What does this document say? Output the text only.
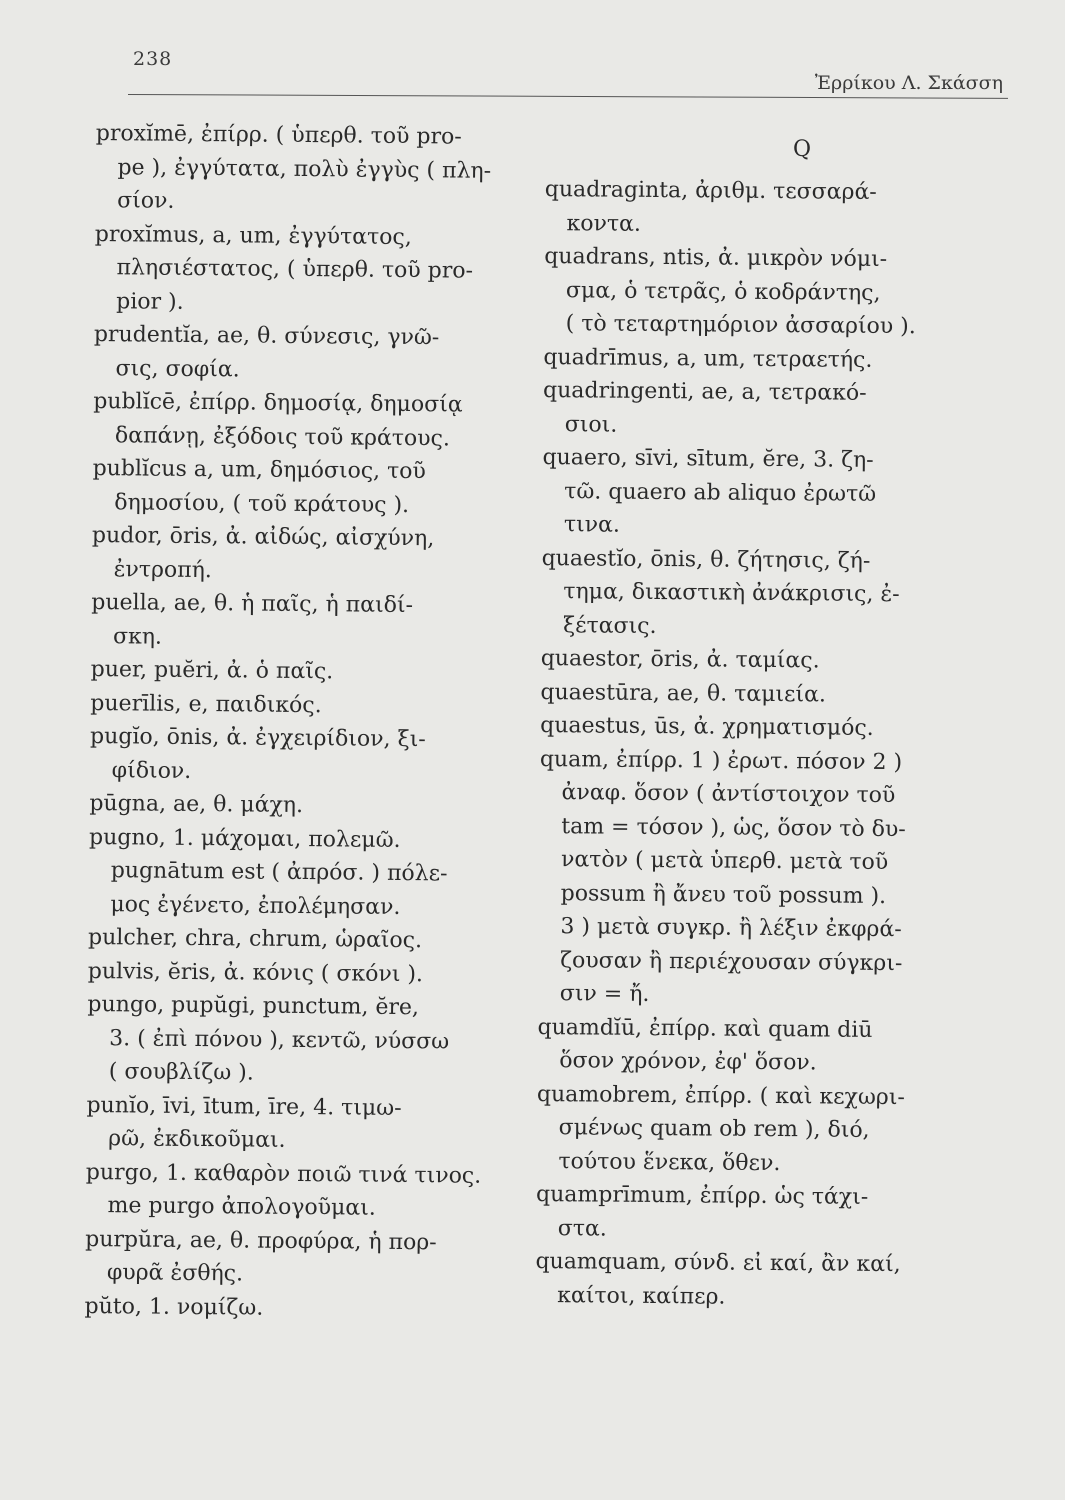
238
Ἐρρίκου Λ. Σκάσση
proxĭmē, ἐπίρρ. ( ὑπερθ. τοῦ pro-
pe ), ἐγγύτατα, πολὺ ἐγγὺς ( πλη-
σίον.
proxĭmus, a, um, ἐγγύτατος,
πλησιέστατος, ( ὑπερθ. τοῦ pro-
pior ).
prudentĭa, ae, θ. σύνεσις, γνῶ-
σις, σοφία.
publĭcē, ἐπίρρ. δημοσίᾳ, δημοσίᾳ
δαπάνῃ, ἐξόδοις τοῦ κράτους.
publĭcus a, um, δημόσιος, τοῦ
δημοσίου, ( τοῦ κράτους ).
pudor, ōris, ἀ. αἰδώς, αἰσχύνη,
ἐντροπή.
puella, ae, θ. ἡ παῖς, ἡ παιδί-
σκη.
puer, puĕri, ἀ. ὁ παῖς.
puerīlis, e, παιδικός.
pugĭo, ōnis, ἀ. ἐγχειρίδιον, ξι-
φίδιον.
pūgna, ae, θ. μάχη.
pugno, 1. μάχομαι, πολεμῶ.
pugnātum est ( ἀπρόσ. ) πόλε-
μος ἐγένετο, ἐπολέμησαν.
pulcher, chra, chrum, ὡραῖος.
pulvis, ĕris, ἀ. κόνις ( σκόνι ).
pungo, pupŭgi, punctum, ĕre,
3. ( ἐπὶ πόνου ), κεντῶ, νύσσω
( σουβλίζω ).
punĭo, īvi, ītum, īre, 4. τιμω-
ρῶ, ἐκδικοῦμαι.
purgo, 1. καθαρὸν ποιῶ τινά τινος.
me purgo ἀπολογοῦμαι.
purpŭra, ae, θ. προφύρα, ἡ πορ-
φυρᾶ ἐσθής.
pŭto, 1. νομίζω.
Q
quadraginta, ἀριθμ. τεσσαρά-
κοντα.
quadrans, ntis, ἀ. μικρὸν νόμι-
σμα, ὁ τετρᾶς, ὁ κοδράντης,
( τὸ τεταρτημόριον ἀσσαρίου ).
quadrīmus, a, um, τετραετής.
quadringenti, ae, a, τετρακό-
σιοι.
quaero, sīvi, sītum, ĕre, 3. ζη-
τῶ. quaero ab aliquo ἐρωτῶ
τινα.
quaestĭo, ōnis, θ. ζήτησις, ζή-
τημα, δικαστικὴ ἀνάκρισις, ἐ-
ξέτασις.
quaestor, ōris, ἀ. ταμίας.
quaestūra, ae, θ. ταμιεία.
quaestus, ūs, ἀ. χρηματισμός.
quam, ἐπίρρ. 1 ) ἐρωτ. πόσον 2 )
ἀναφ. ὅσον ( ἀντίστοιχον τοῦ
tam = τόσον ), ὡς, ὅσον τὸ δυ-
νατὸν ( μετὰ ὑπερθ. μετὰ τοῦ
possum ἢ ἄνευ τοῦ possum ).
3 ) μετὰ συγκρ. ἢ λέξιν ἐκφρά-
ζουσαν ἢ περιέχουσαν σύγκρι-
σιν = ἤ.
quamdĭū, ἐπίρρ. καὶ quam diū
ὅσον χρόνον, ἐφ' ὅσον.
quamobrem, ἐπίρρ. ( καὶ κεχωρι-
σμένως quam ob rem ), διό,
τούτου ἕνεκα, ὅθεν.
quamprīmum, ἐπίρρ. ὡς τάχι-
στα.
quamquam, σύνδ. εἰ καί, ἂν καί,
καίτοι, καίπερ.
